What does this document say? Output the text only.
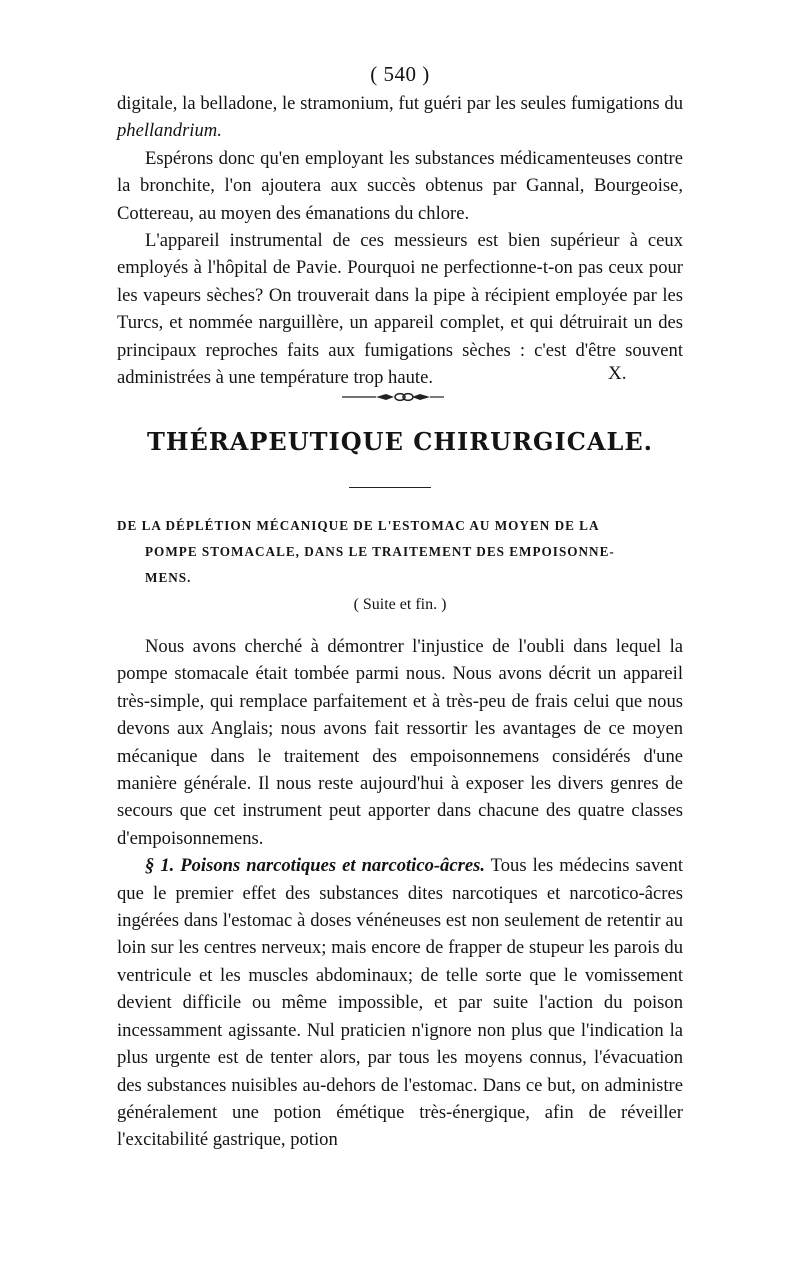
( 540 )

digitale, la belladone, le stramonium, fut guéri par les seules fumigations du phellandrium.

Espérons donc qu'en employant les substances médicamenteuses contre la bronchite, l'on ajoutera aux succès obtenus par Gannal, Bourgeoise, Cottereau, au moyen des émanations du chlore.

L'appareil instrumental de ces messieurs est bien supérieur à ceux employés à l'hôpital de Pavie. Pourquoi ne perfectionne-t-on pas ceux pour les vapeurs sèches? On trouverait dans la pipe à récipient employée par les Turcs, et nommée narguillère, un appareil complet, et qui détruirait un des principaux reproches faits aux fumigations sèches : c'est d'être souvent administrées à une température trop haute.	X.
THÉRAPEUTIQUE CHIRURGICALE.
DE LA DÉPLÉTION MÉCANIQUE DE L'ESTOMAC AU MOYEN DE LA

POMPE STOMACALE, DANS LE TRAITEMENT DES EMPOISONNE-
MENS.
( Suite et fin. )

Nous avons cherché à démontrer l'injustice de l'oubli dans lequel la pompe stomacale était tombée parmi nous. Nous avons décrit un appareil très-simple, qui remplace parfaitement et à très-peu de frais celui que nous devons aux Anglais; nous avons fait ressortir les avantages de ce moyen mécanique dans le traitement des empoisonnemens considérés d'une manière générale. Il nous reste aujourd'hui à exposer les divers genres de secours que cet instrument peut apporter dans chacune des quatre classes d'empoisonnemens.

§ 1. Poisons narcotiques et narcotico-âcres. Tous les médecins savent que le premier effet des substances dites narcotiques et narcotico-âcres ingérées dans l'estomac à doses vénéneuses est non seulement de retentir au loin sur les centres nerveux; mais encore de frapper de stupeur les parois du ventricule et les muscles abdominaux; de telle sorte que le vomissement devient difficile ou même impossible, et par suite l'action du poison incessamment agissante. Nul praticien n'ignore non plus que l'indication la plus urgente est de tenter alors, par tous les moyens connus, l'évacuation des substances nuisibles au-dehors de l'estomac. Dans ce but, on administre généralement une potion émétique très-énergique, afin de réveiller l'excitabilité gastrique, potion
